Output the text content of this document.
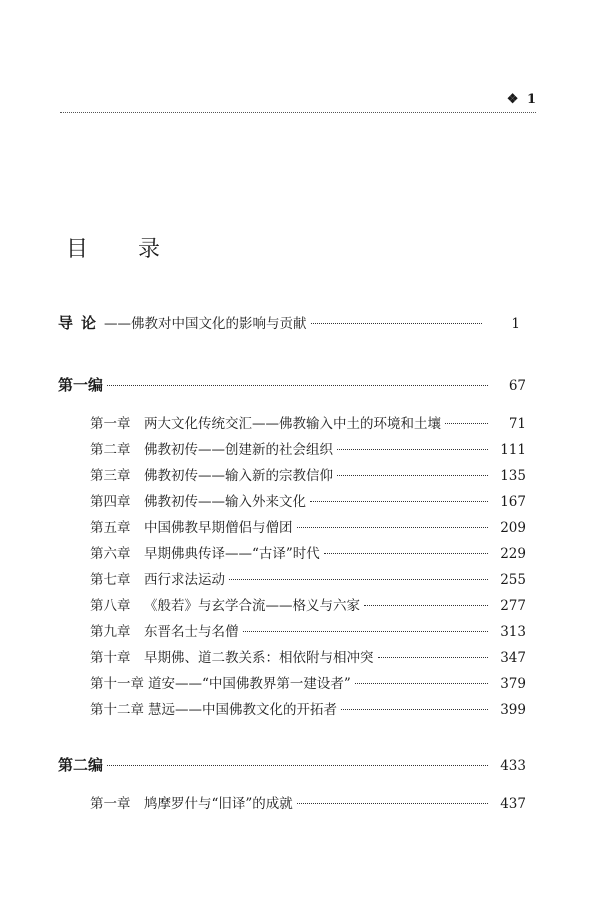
❖ 1
目 录
导论 ——佛教对中国文化的影响与贡献	1
第一编	67
第一章	两大文化传统交汇——佛教输入中土的环境和土壤	71
第二章	佛教初传——创建新的社会组织	111
第三章	佛教初传——输入新的宗教信仰	135
第四章	佛教初传——输入外来文化	167
第五章	中国佛教早期僧侣与僧团	209
第六章	早期佛典传译——“古译”时代	229
第七章	西行求法运动	255
第八章	《般若》与玄学合流——格义与六家	277
第九章	东晋名士与名僧	313
第十章	早期佛、道二教关系：相依附与相冲突	347
第十一章 道安——“中国佛教界第一建设者”	379
第十二章 慧远——中国佛教文化的开拓者	399
第二编	433
第一章	鸠摩罗什与“旧译”的成就	437
